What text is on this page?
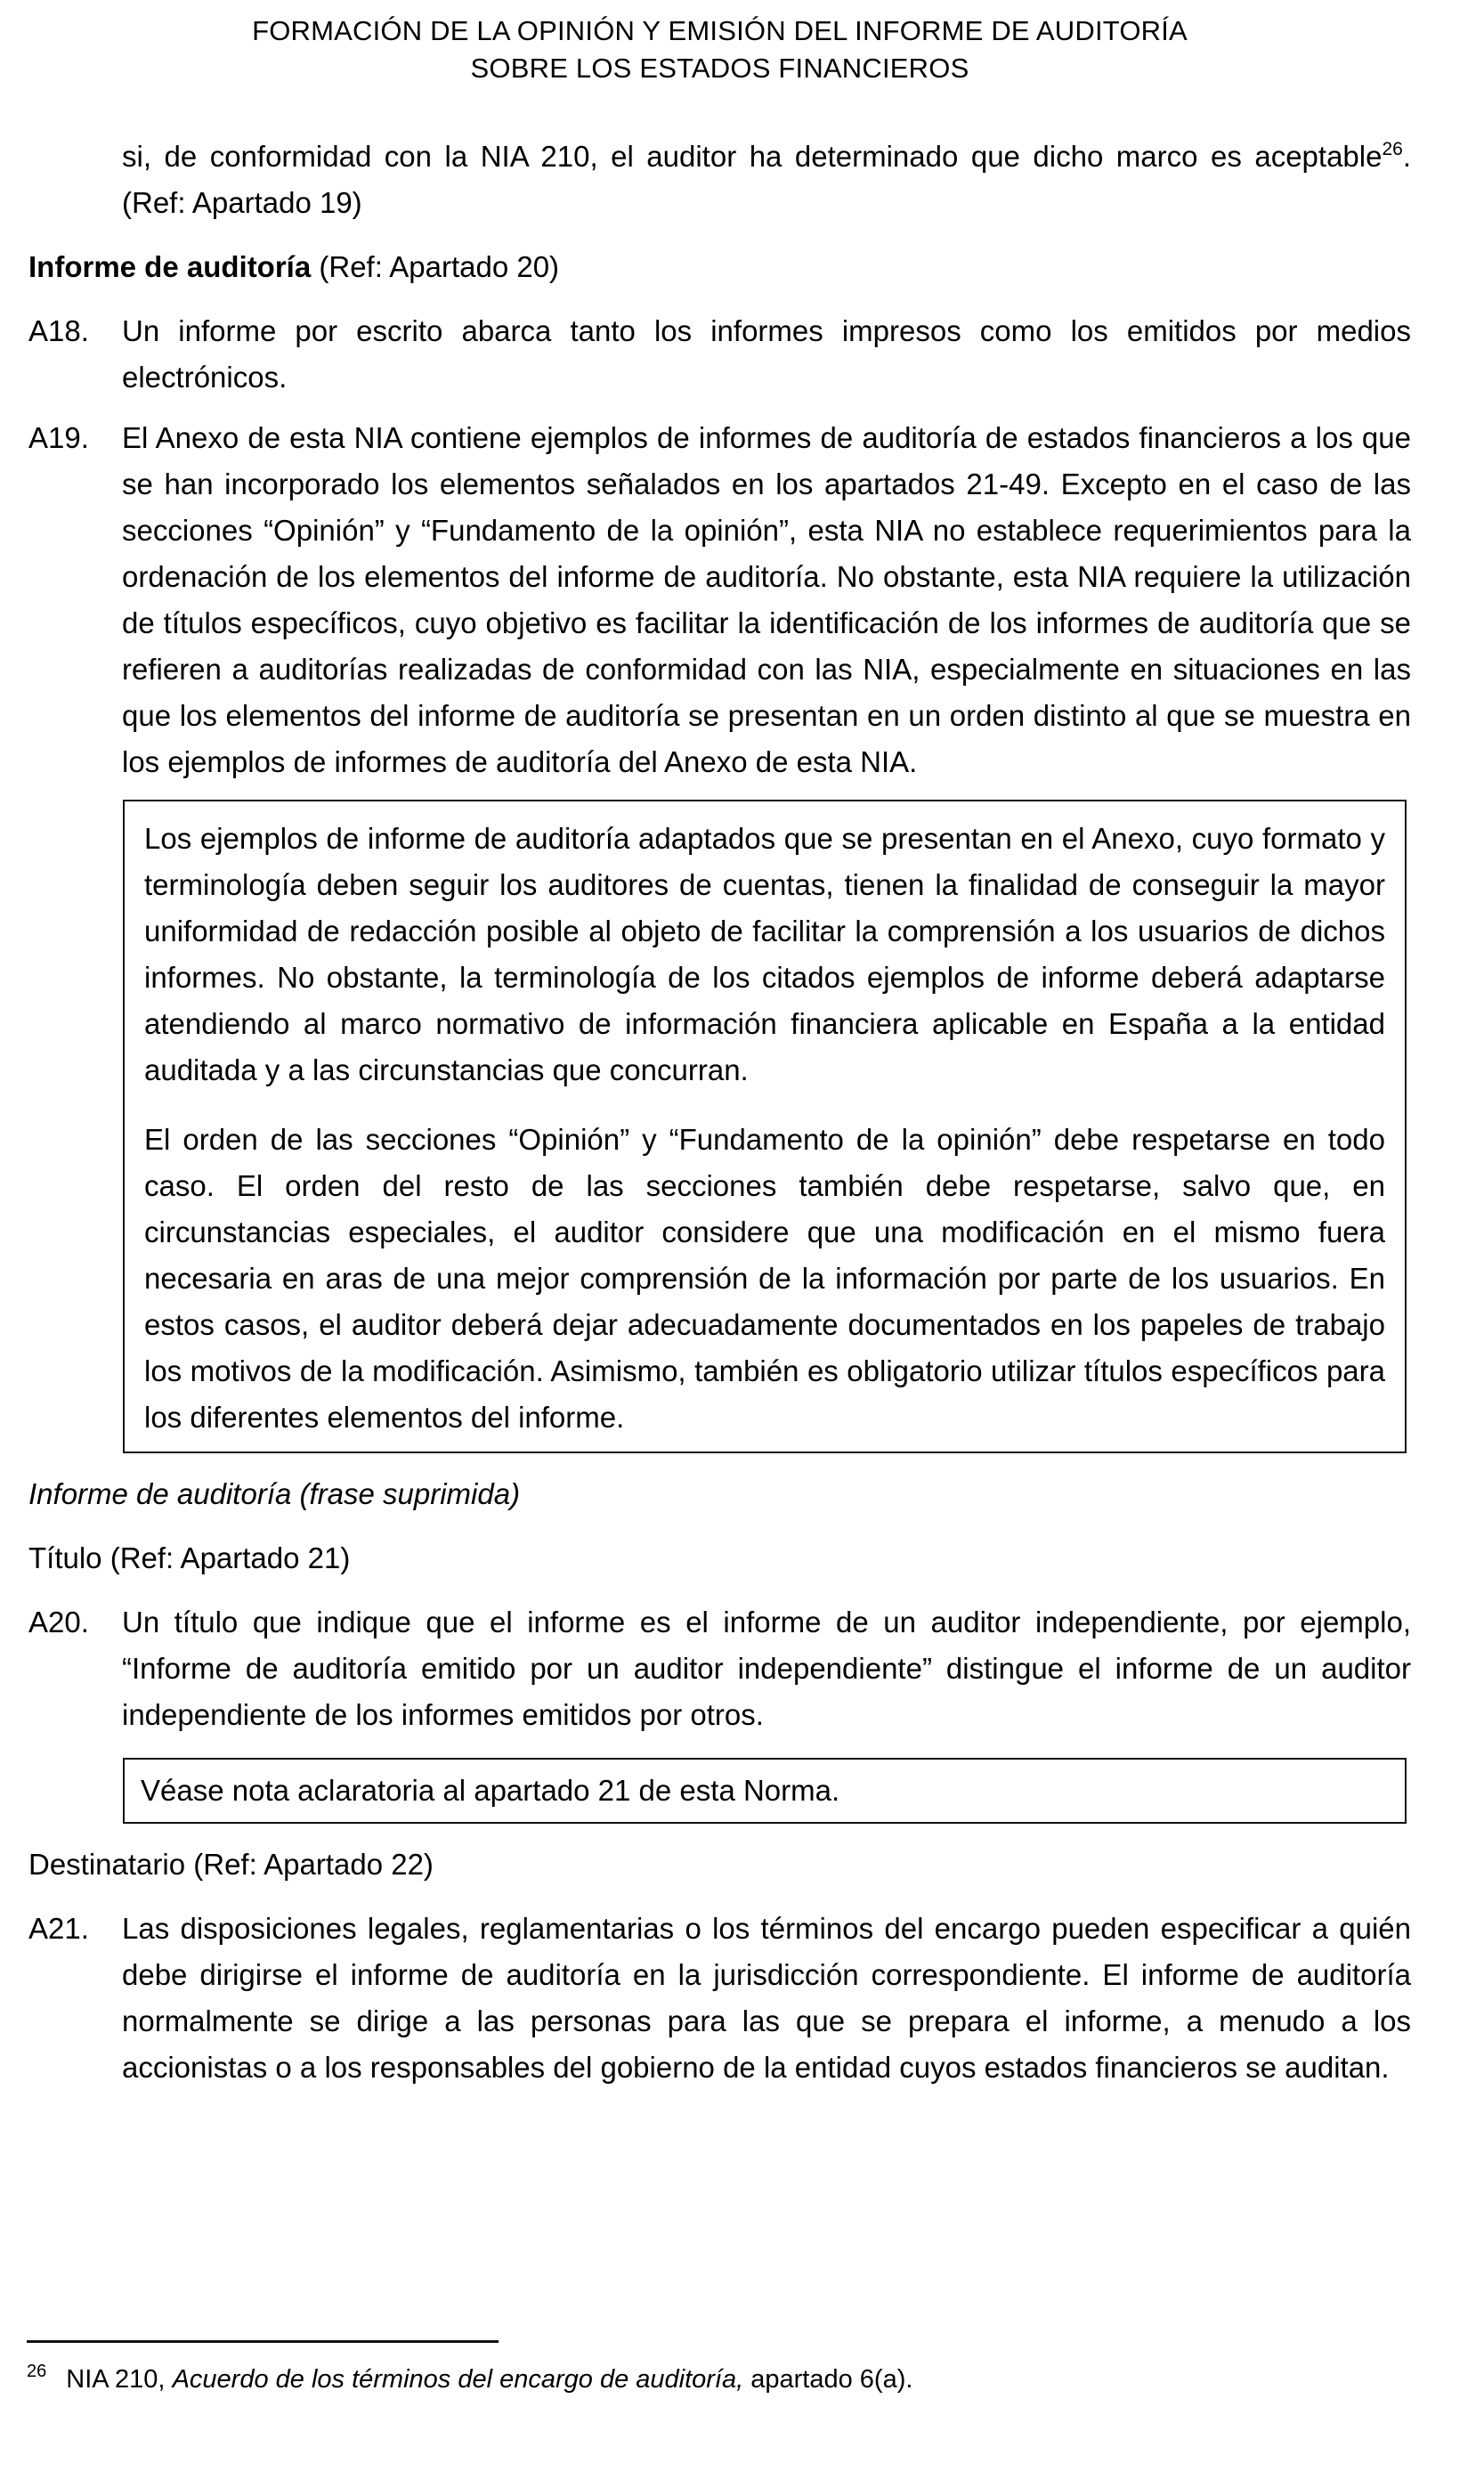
FORMACIÓN DE LA OPINIÓN Y EMISIÓN DEL INFORME DE AUDITORÍA
SOBRE LOS ESTADOS FINANCIEROS

si, de conformidad con la NIA 210, el auditor ha determinado que dicho marco es aceptable$^{26}$. (Ref: Apartado 19)

Informe de auditoría (Ref: Apartado 20)

A18. Un informe por escrito abarca tanto los informes impresos como los emitidos por medios electrónicos.

A19. El Anexo de esta NIA contiene ejemplos de informes de auditoría de estados financieros a los que se han incorporado los elementos señalados en los apartados 21-49. Excepto en el caso de las secciones “Opinión” y “Fundamento de la opinión”, esta NIA no establece requerimientos para la ordenación de los elementos del informe de auditoría. No obstante, esta NIA requiere la utilización de títulos específicos, cuyo objetivo es facilitar la identificación de los informes de auditoría que se refieren a auditorías realizadas de conformidad con las NIA, especialmente en situaciones en las que los elementos del informe de auditoría se presentan en un orden distinto al que se muestra en los ejemplos de informes de auditoría del Anexo de esta NIA.

Los ejemplos de informe de auditoría adaptados que se presentan en el Anexo, cuyo formato y terminología deben seguir los auditores de cuentas, tienen la finalidad de conseguir la mayor uniformidad de redacción posible al objeto de facilitar la comprensión a los usuarios de dichos informes. No obstante, la terminología de los citados ejemplos de informe deberá adaptarse atendiendo al marco normativo de información financiera aplicable en España a la entidad auditada y a las circunstancias que concurran.

El orden de las secciones “Opinión” y “Fundamento de la opinión” debe respetarse en todo caso. El orden del resto de las secciones también debe respetarse, salvo que, en circunstancias especiales, el auditor considere que una modificación en el mismo fuera necesaria en aras de una mejor comprensión de la información por parte de los usuarios. En estos casos, el auditor deberá dejar adecuadamente documentados en los papeles de trabajo los motivos de la modificación. Asimismo, también es obligatorio utilizar títulos específicos para los diferentes elementos del informe.

Informe de auditoría (frase suprimida)

Título (Ref: Apartado 21)

A20. Un título que indique que el informe es el informe de un auditor independiente, por ejemplo, “Informe de auditoría emitido por un auditor independiente” distingue el informe de un auditor independiente de los informes emitidos por otros.

Véase nota aclaratoria al apartado 21 de esta Norma.

Destinatario (Ref: Apartado 22)

A21. Las disposiciones legales, reglamentarias o los términos del encargo pueden especificar a quién debe dirigirse el informe de auditoría en la jurisdicción correspondiente. El informe de auditoría normalmente se dirige a las personas para las que se prepara el informe, a menudo a los accionistas o a los responsables del gobierno de la entidad cuyos estados financieros se auditan.

$^{26}$ NIA 210, Acuerdo de los términos del encargo de auditoría, apartado 6(a).
